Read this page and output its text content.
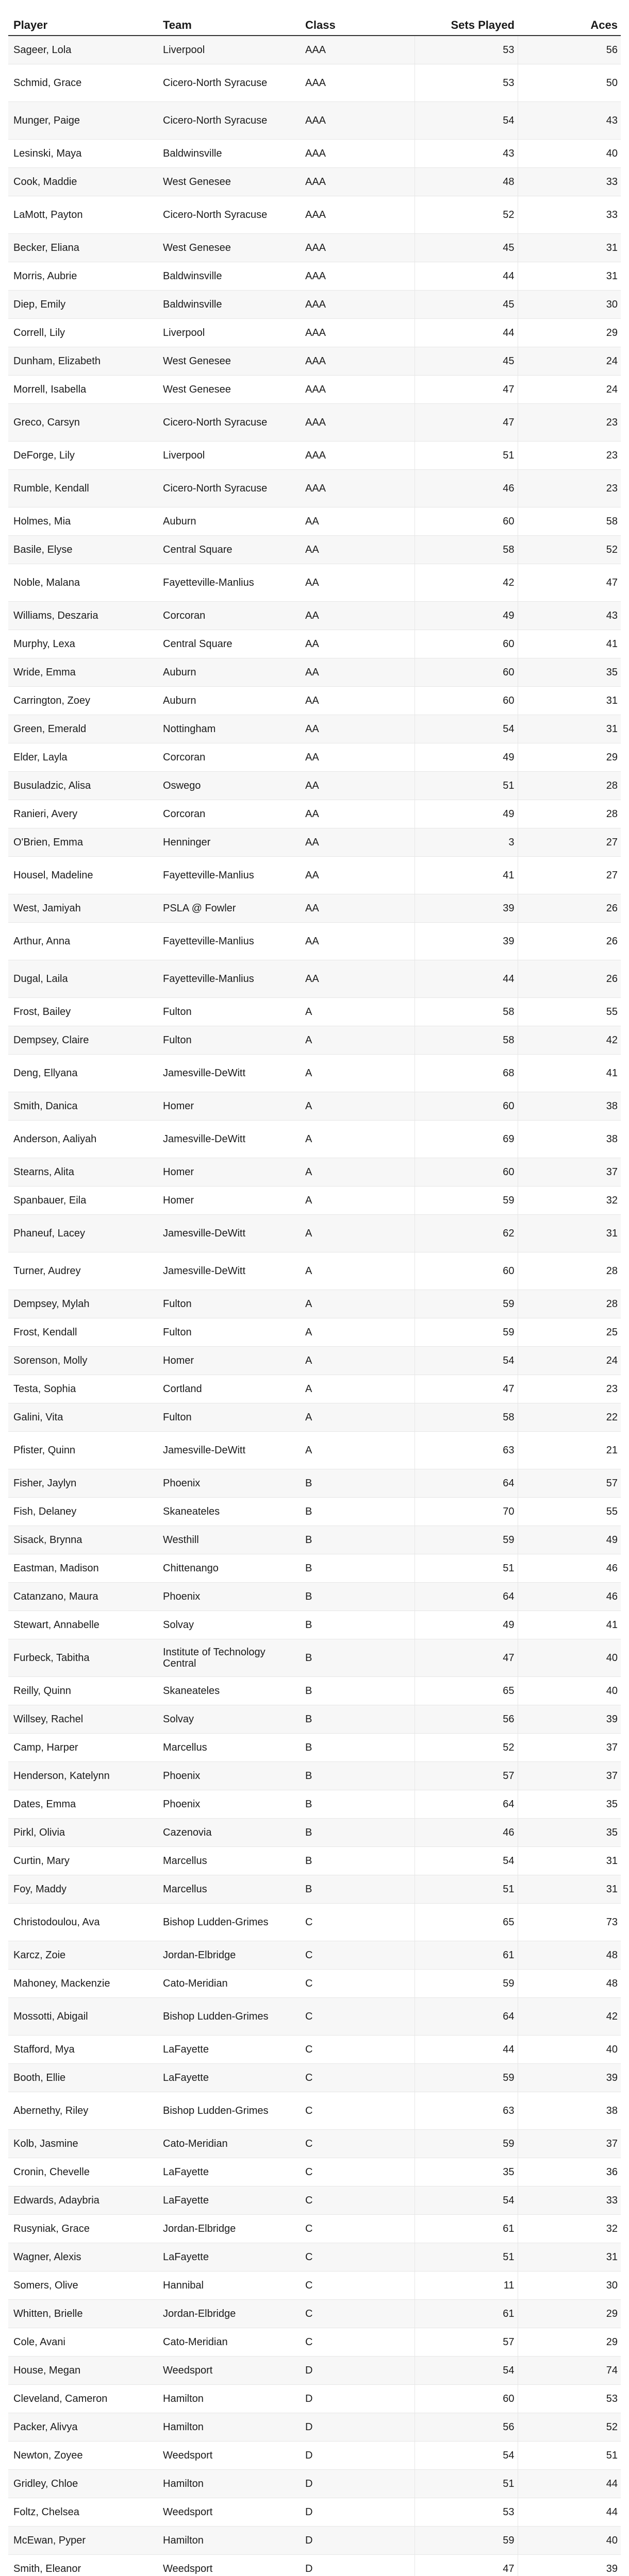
Player	Team	Class	Sets Played	Aces
Sageer, Lola	Liverpool	AAA	53	56
Schmid, Grace	Cicero-North Syracuse	AAA	53	50
Munger, Paige	Cicero-North Syracuse	AAA	54	43
Lesinski, Maya	Baldwinsville	AAA	43	40
Cook, Maddie	West Genesee	AAA	48	33
LaMott, Payton	Cicero-North Syracuse	AAA	52	33
Becker, Eliana	West Genesee	AAA	45	31
Morris, Aubrie	Baldwinsville	AAA	44	31
Diep, Emily	Baldwinsville	AAA	45	30
Correll, Lily	Liverpool	AAA	44	29
Dunham, Elizabeth	West Genesee	AAA	45	24
Morrell, Isabella	West Genesee	AAA	47	24
Greco, Carsyn	Cicero-North Syracuse	AAA	47	23
DeForge, Lily	Liverpool	AAA	51	23
Rumble, Kendall	Cicero-North Syracuse	AAA	46	23
Holmes, Mia	Auburn	AA	60	58
Basile, Elyse	Central Square	AA	58	52
Noble, Malana	Fayetteville-Manlius	AA	42	47
Williams, Deszaria	Corcoran	AA	49	43
Murphy, Lexa	Central Square	AA	60	41
Wride, Emma	Auburn	AA	60	35
Carrington, Zoey	Auburn	AA	60	31
Green, Emerald	Nottingham	AA	54	31
Elder, Layla	Corcoran	AA	49	29
Busuladzic, Alisa	Oswego	AA	51	28
Ranieri, Avery	Corcoran	AA	49	28
O'Brien, Emma	Henninger	AA	3	27
Housel, Madeline	Fayetteville-Manlius	AA	41	27
West, Jamiyah	PSLA @ Fowler	AA	39	26
Arthur, Anna	Fayetteville-Manlius	AA	39	26
Dugal, Laila	Fayetteville-Manlius	AA	44	26
Frost, Bailey	Fulton	A	58	55
Dempsey, Claire	Fulton	A	58	42
Deng, Ellyana	Jamesville-DeWitt	A	68	41
Smith, Danica	Homer	A	60	38
Anderson, Aaliyah	Jamesville-DeWitt	A	69	38
Stearns, Alita	Homer	A	60	37
Spanbauer, Eila	Homer	A	59	32
Phaneuf, Lacey	Jamesville-DeWitt	A	62	31
Turner, Audrey	Jamesville-DeWitt	A	60	28
Dempsey, Mylah	Fulton	A	59	28
Frost, Kendall	Fulton	A	59	25
Sorenson, Molly	Homer	A	54	24
Testa, Sophia	Cortland	A	47	23
Galini, Vita	Fulton	A	58	22
Pfister, Quinn	Jamesville-DeWitt	A	63	21
Fisher, Jaylyn	Phoenix	B	64	57
Fish, Delaney	Skaneateles	B	70	55
Sisack, Brynna	Westhill	B	59	49
Eastman, Madison	Chittenango	B	51	46
Catanzano, Maura	Phoenix	B	64	46
Stewart, Annabelle	Solvay	B	49	41
Furbeck, Tabitha	Institute of Technology Central	B	47	40
Reilly, Quinn	Skaneateles	B	65	40
Willsey, Rachel	Solvay	B	56	39
Camp, Harper	Marcellus	B	52	37
Henderson, Katelynn	Phoenix	B	57	37
Dates, Emma	Phoenix	B	64	35
Pirkl, Olivia	Cazenovia	B	46	35
Curtin, Mary	Marcellus	B	54	31
Foy, Maddy	Marcellus	B	51	31
Christodoulou, Ava	Bishop Ludden-Grimes	C	65	73
Karcz, Zoie	Jordan-Elbridge	C	61	48
Mahoney, Mackenzie	Cato-Meridian	C	59	48
Mossotti, Abigail	Bishop Ludden-Grimes	C	64	42
Stafford, Mya	LaFayette	C	44	40
Booth, Ellie	LaFayette	C	59	39
Abernethy, Riley	Bishop Ludden-Grimes	C	63	38
Kolb, Jasmine	Cato-Meridian	C	59	37
Cronin, Chevelle	LaFayette	C	35	36
Edwards, Adaybria	LaFayette	C	54	33
Rusyniak, Grace	Jordan-Elbridge	C	61	32
Wagner, Alexis	LaFayette	C	51	31
Somers, Olive	Hannibal	C	11	30
Whitten, Brielle	Jordan-Elbridge	C	61	29
Cole, Avani	Cato-Meridian	C	57	29
House, Megan	Weedsport	D	54	74
Cleveland, Cameron	Hamilton	D	60	53
Packer, Alivya	Hamilton	D	56	52
Newton, Zoyee	Weedsport	D	54	51
Gridley, Chloe	Hamilton	D	51	44
Foltz, Chelsea	Weedsport	D	53	44
McEwan, Pyper	Hamilton	D	59	40
Smith, Eleanor	Weedsport	D	47	39
